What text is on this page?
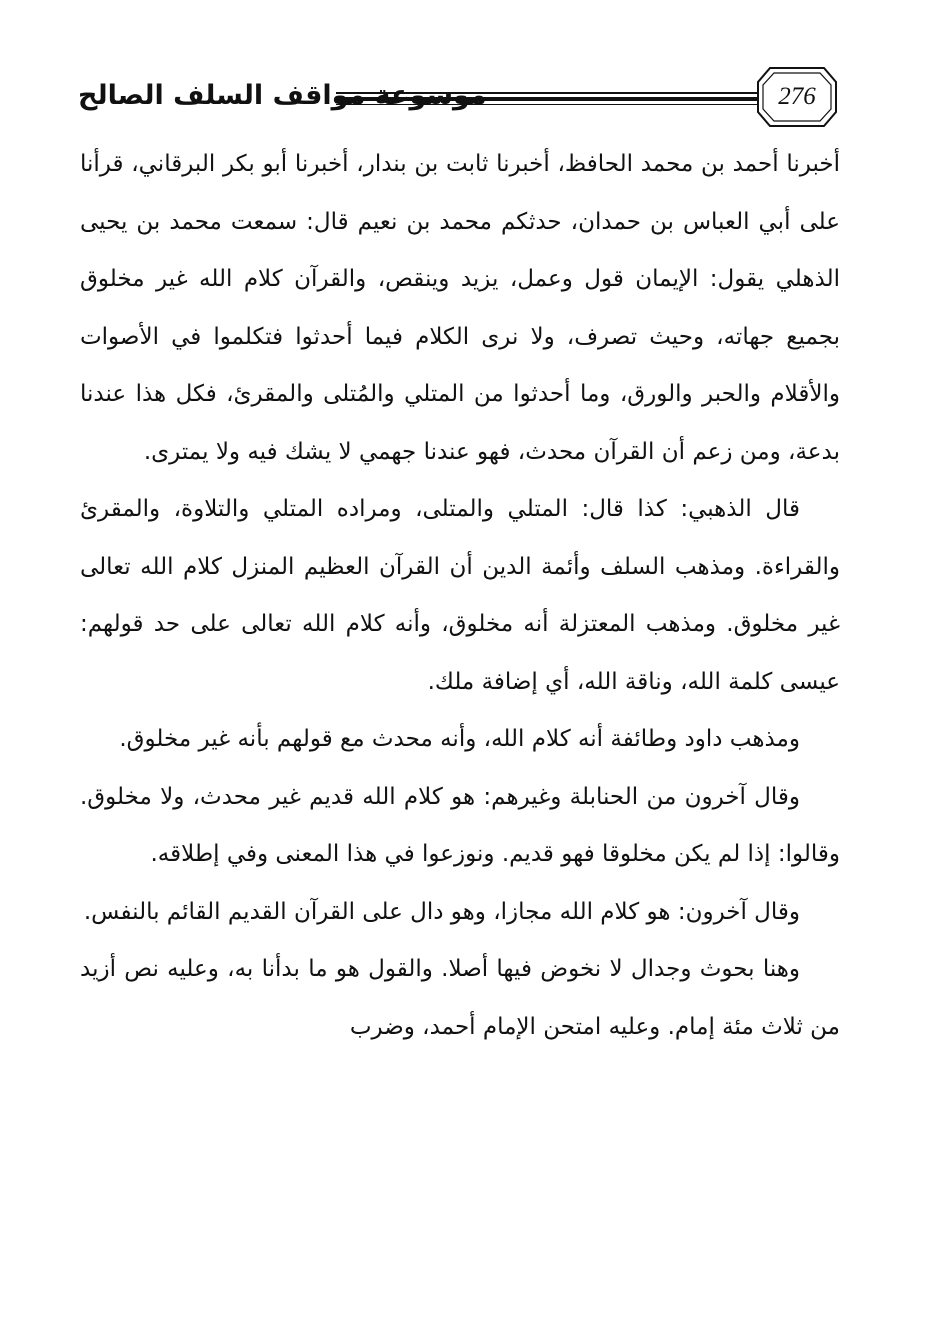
موسوعة مواقف السلف الصالح	276

أخبرنا أحمد بن محمد الحافظ، أخبرنا ثابت بن بندار، أخبرنا أبو بكر البرقاني، قرأنا على أبي العباس بن حمدان، حدثكم محمد بن نعيم قال: سمعت محمد بن يحيى الذهلي يقول: الإيمان قول وعمل، يزيد وينقص، والقرآن كلام الله غير مخلوق بجميع جهاته، وحيث تصرف، ولا نرى الكلام فيما أحدثوا فتكلموا في الأصوات والأقلام والحبر والورق، وما أحدثوا من المتلي والمُتلى والمقرئ، فكل هذا عندنا بدعة، ومن زعم أن القرآن محدث، فهو عندنا جهمي لا يشك فيه ولا يمترى.

قال الذهبي: كذا قال: المتلي والمتلى، ومراده المتلي والتلاوة، والمقرئ والقراءة. ومذهب السلف وأئمة الدين أن القرآن العظيم المنزل كلام الله تعالى غير مخلوق. ومذهب المعتزلة أنه مخلوق، وأنه كلام الله تعالى على حد قولهم: عيسى كلمة الله، وناقة الله، أي إضافة ملك.

ومذهب داود وطائفة أنه كلام الله، وأنه محدث مع قولهم بأنه غير مخلوق.

وقال آخرون من الحنابلة وغيرهم: هو كلام الله قديم غير محدث، ولا مخلوق. وقالوا: إذا لم يكن مخلوقا فهو قديم. ونوزعوا في هذا المعنى وفي إطلاقه.

وقال آخرون: هو كلام الله مجازا، وهو دال على القرآن القديم القائم بالنفس.

وهنا بحوث وجدال لا نخوض فيها أصلا. والقول هو ما بدأنا به، وعليه نص أزيد من ثلاث مئة إمام. وعليه امتحن الإمام أحمد، وضرب
